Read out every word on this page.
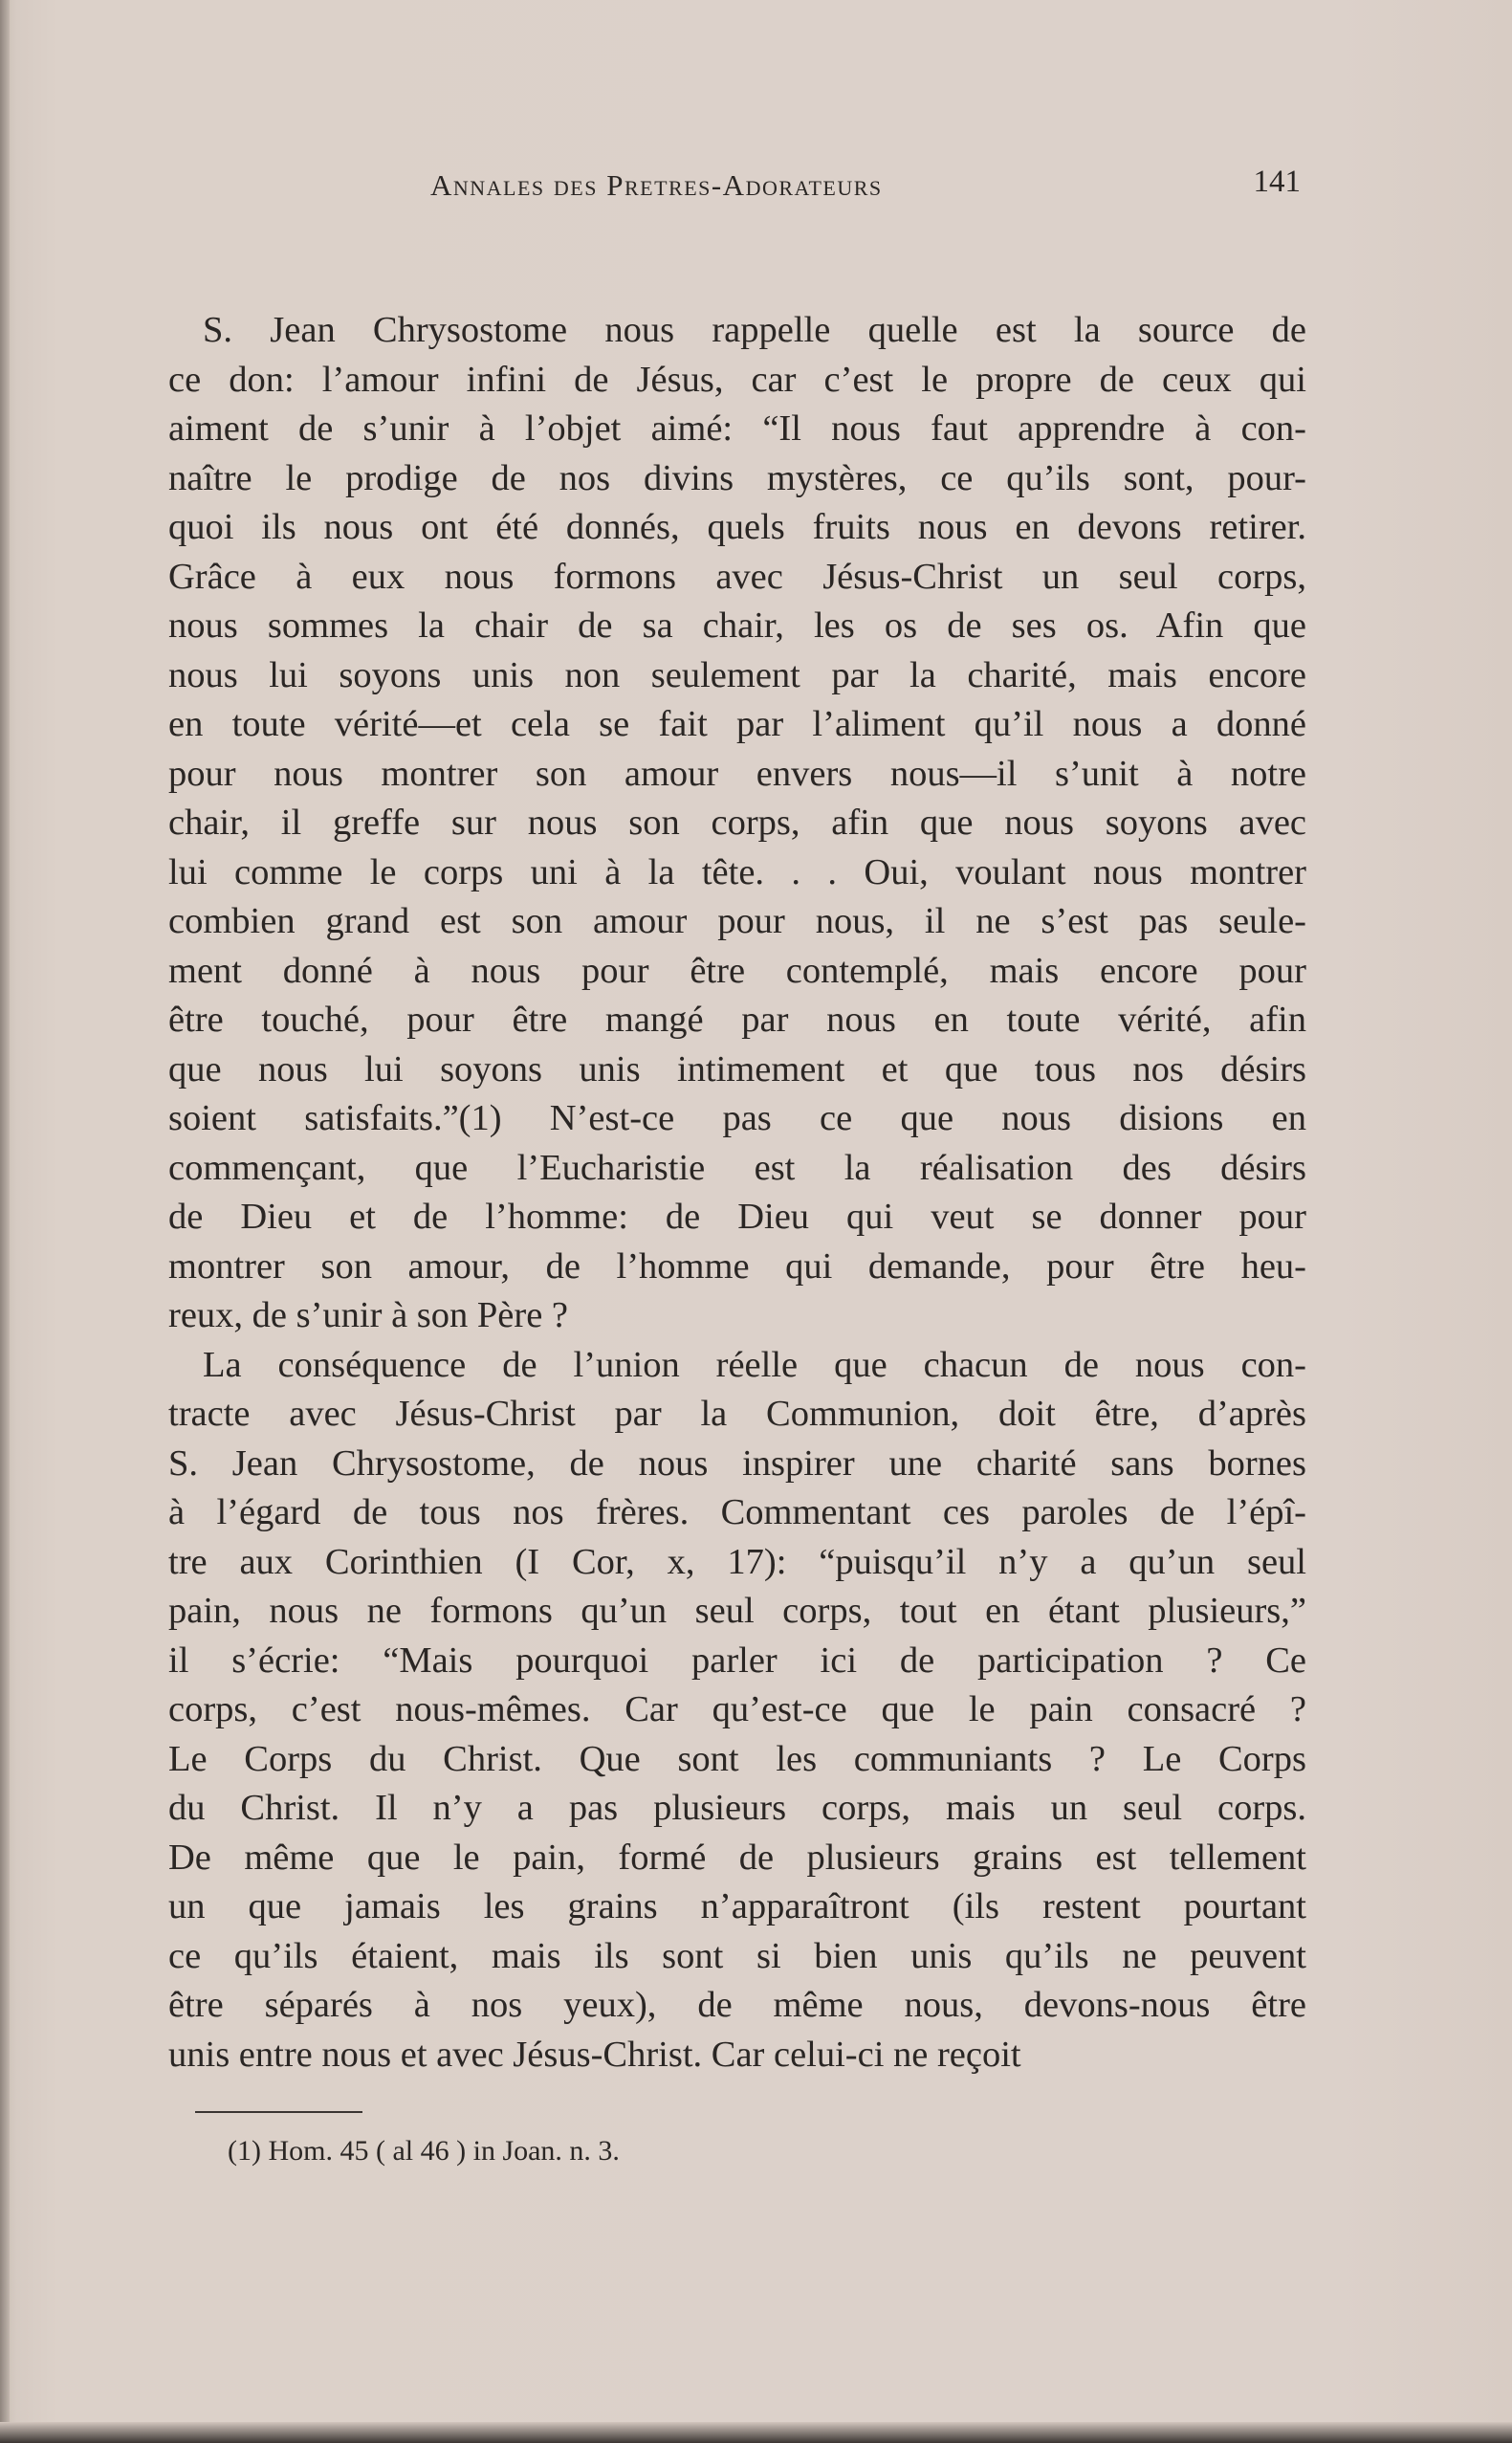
Annales des Pretres-Adorateurs	141

S. Jean Chrysostome nous rappelle quelle est la source de
ce don: l’amour infini de Jésus, car c’est le propre de ceux qui
aiment de s’unir à l’objet aimé: “Il nous faut apprendre à con-
naître le prodige de nos divins mystères, ce qu’ils sont, pour-
quoi ils nous ont été donnés, quels fruits nous en devons retirer.
Grâce à eux nous formons avec Jésus-Christ un seul corps,
nous sommes la chair de sa chair, les os de ses os. Afin que
nous lui soyons unis non seulement par la charité, mais encore
en toute vérité—et cela se fait par l’aliment qu’il nous a donné
pour nous montrer son amour envers nous—il s’unit à notre
chair, il greffe sur nous son corps, afin que nous soyons avec
lui comme le corps uni à la tête. . . Oui, voulant nous montrer
combien grand est son amour pour nous, il ne s’est pas seule-
ment donné à nous pour être contemplé, mais encore pour
être touché, pour être mangé par nous en toute vérité, afin
que nous lui soyons unis intimement et que tous nos désirs
soient satisfaits.”(1) N’est-ce pas ce que nous disions en
commençant, que l’Eucharistie est la réalisation des désirs
de Dieu et de l’homme: de Dieu qui veut se donner pour
montrer son amour, de l’homme qui demande, pour être heu-
reux, de s’unir à son Père ?

La conséquence de l’union réelle que chacun de nous con-
tracte avec Jésus-Christ par la Communion, doit être, d’après
S. Jean Chrysostome, de nous inspirer une charité sans bornes
à l’égard de tous nos frères. Commentant ces paroles de l’épî-
tre aux Corinthien (I Cor, x, 17): “puisqu’il n’y a qu’un seul
pain, nous ne formons qu’un seul corps, tout en étant plusieurs,”
il s’écrie: “Mais pourquoi parler ici de participation ? Ce
corps, c’est nous-mêmes. Car qu’est-ce que le pain consacré ?
Le Corps du Christ. Que sont les communiants ? Le Corps
du Christ. Il n’y a pas plusieurs corps, mais un seul corps.
De même que le pain, formé de plusieurs grains est tellement
un que jamais les grains n’apparaîtront (ils restent pourtant
ce qu’ils étaient, mais ils sont si bien unis qu’ils ne peuvent
être séparés à nos yeux), de même nous, devons-nous être
unis entre nous et avec Jésus-Christ. Car celui-ci ne reçoit

(1) Hom. 45 ( al 46 ) in Joan. n. 3.
